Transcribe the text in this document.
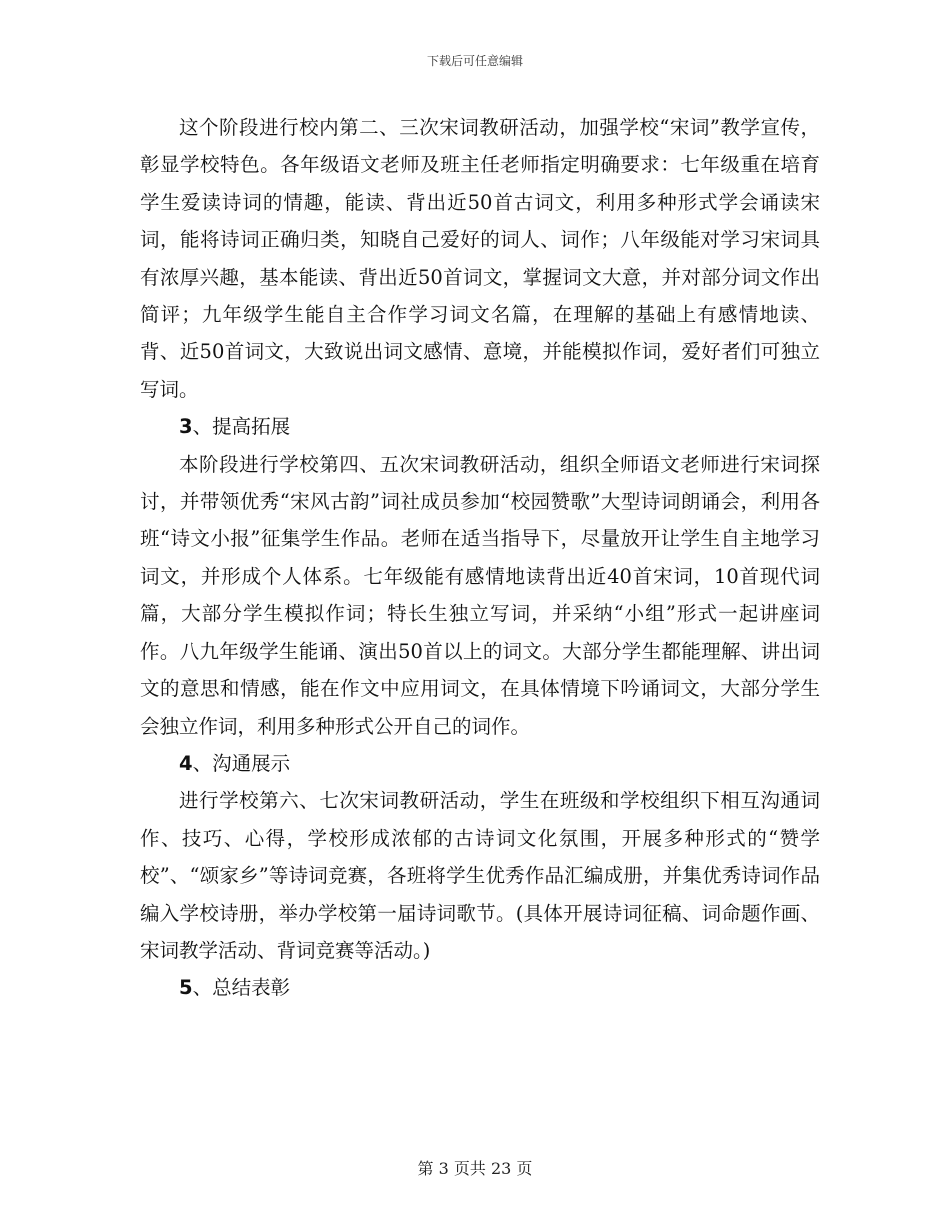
下载后可任意编辑

这个阶段进行校内第二、三次宋词教研活动，加强学校“宋词”教学宣传，彰显学校特色。各年级语文老师及班主任老师指定明确要求：七年级重在培育学生爱读诗词的情趣，能读、背出近50首古词文，利用多种形式学会诵读宋词，能将诗词正确归类，知晓自己爱好的词人、词作；八年级能对学习宋词具有浓厚兴趣，基本能读、背出近50首词文，掌握词文大意，并对部分词文作出简评；九年级学生能自主合作学习词文名篇，在理解的基础上有感情地读、背、近50首词文，大致说出词文感情、意境，并能模拟作词，爱好者们可独立写词。

3、提高拓展

本阶段进行学校第四、五次宋词教研活动，组织全师语文老师进行宋词探讨，并带领优秀“宋风古韵”词社成员参加“校园赞歌”大型诗词朗诵会，利用各班“诗文小报”征集学生作品。老师在适当指导下，尽量放开让学生自主地学习词文，并形成个人体系。七年级能有感情地读背出近40首宋词，10首现代词篇，大部分学生模拟作词；特长生独立写词，并采纳“小组”形式一起讲座词作。八九年级学生能诵、演出50首以上的词文。大部分学生都能理解、讲出词文的意思和情感，能在作文中应用词文，在具体情境下吟诵词文，大部分学生会独立作词，利用多种形式公开自己的词作。

4、沟通展示

进行学校第六、七次宋词教研活动，学生在班级和学校组织下相互沟通词作、技巧、心得，学校形成浓郁的古诗词文化氛围，开展多种形式的“赞学校”、“颂家乡”等诗词竞赛，各班将学生优秀作品汇编成册，并集优秀诗词作品编入学校诗册，举办学校第一届诗词歌节。(具体开展诗词征稿、词命题作画、宋词教学活动、背词竞赛等活动。)

5、总结表彰

第 3 页共 23 页
